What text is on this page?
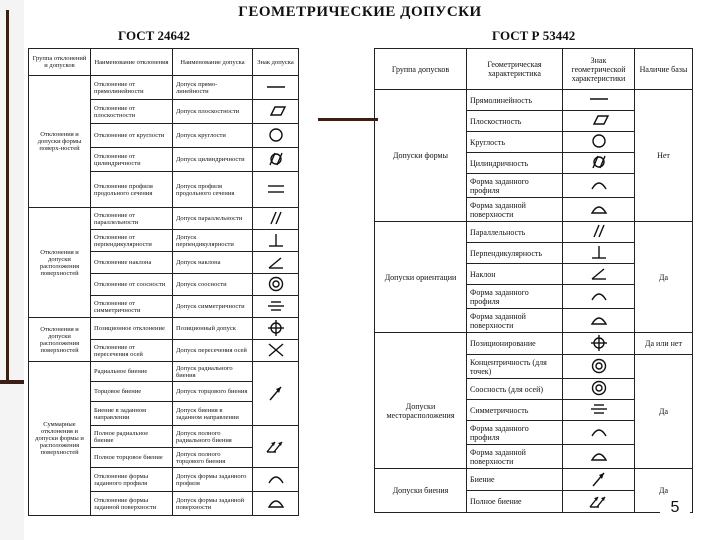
ГЕОМЕТРИЧЕСКИЕ ДОПУСКИ
ГОСТ 24642	ГОСТ Р 53442
Группа отклонений и допусков	Наименование отклонения	Наименование допуска	Знак допуска
Отклонения и допуски формы поверх-ностей	Отклонение от прямолинейности	Допуск прямо-линейности	

	Отклонение от плоскостности	Допуск плоскостности	

	Отклонение от круглости	Допуск круглости	

	Отклонение от цилиндричности	Допуск цилиндричности	

	Отклонение профиля продольного сечения	Допуск профиля продольного сечения	

Отклонения и допуски расположения поверхностей	Отклонение от параллельности	Допуск параллельности	

	Отклонение от перпендикулярности	Допуск перпендикулярности	

	Отклонение наклона	Допуск наклона	

	Отклонение от соосности	Допуск соосности	

	Отклонение от симметричности	Допуск симметричности	

Отклонения и допуски расположения поверхностей	Позиционное отклонение	Позиционный допуск	

	Отклонение от пересечения осей	Допуск пересечения осей	

Суммарные отклонения и допуски формы и расположения поверхностей	Радиальное биение	Допуск радиального биения	

	Торцовое биение	Допуск торцового биения	
	Биение в заданном направлении	Допуск биения в заданном направлении	
	Полное радиальное биение	Допуск полного радиального биения	

	Полное торцовое биение	Допуск полного торцового биения	
	Отклонение формы заданного профиля	Допуск формы заданного профиля	

	Отклонение формы заданной поверхности	Допуск формы заданной поверхности	
Группа допусков	Геометрическая характеристика	Знак геометрической характеристики	Наличие базы
Допуски формы	Прямолинейность		Нет
	Плоскостность	

	Круглость	

	Цилиндричность	

	Форма заданного профиля	

	Форма заданной поверхности	

Допуски ориентации	Параллельность		Да
	Перпендикулярность	

	Наклон	

	Форма заданного профиля	

	Форма заданной поверхности	

	Позиционирование		Да или нет
Допуски месторасположения	Концентричность (для точек)		Да
	Соосность (для осей)	

	Симметричность	

	Форма заданного профиля	

	Форма заданной поверхности	

Допуски биения	Биение		Да
	Полное биение		5
